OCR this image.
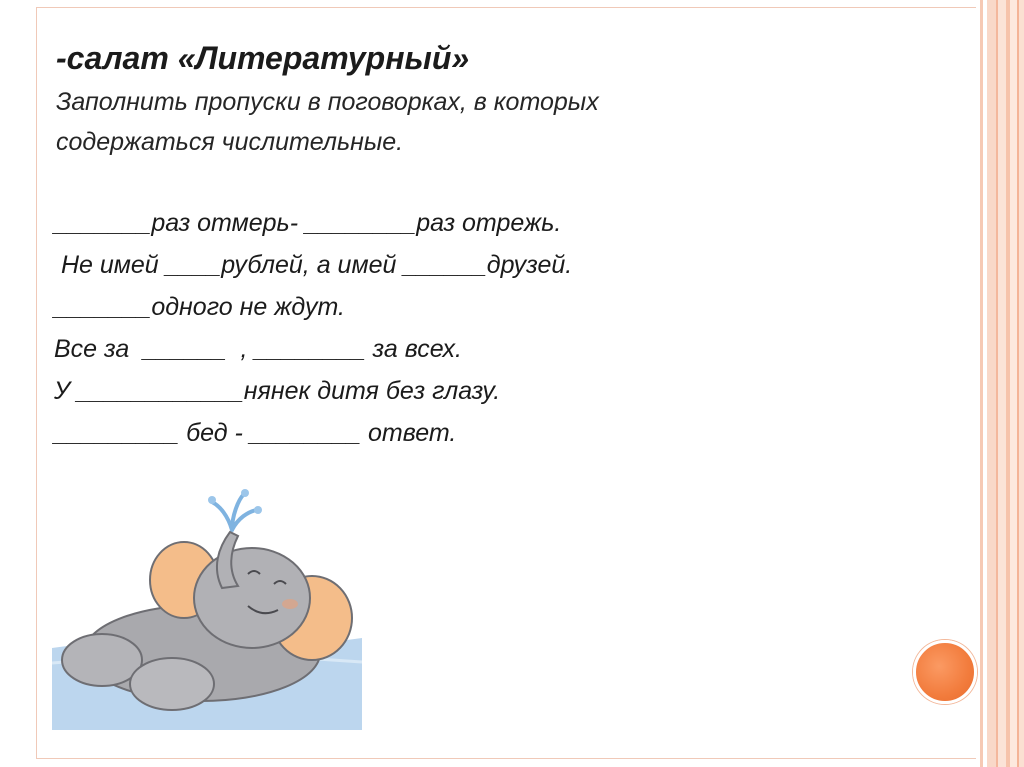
-салат «Литературный»
Заполнить пропуски в поговорках, в которых
содержаться числительные.
_______раз отмерь- ________раз отрежь.
Не имей ____рублей, а имей ______друзей.
_______одного не ждут.
Все за  ______  , ________ за всех.
У ____________нянек дитя без глазу.
_________ бед - ________ ответ.
